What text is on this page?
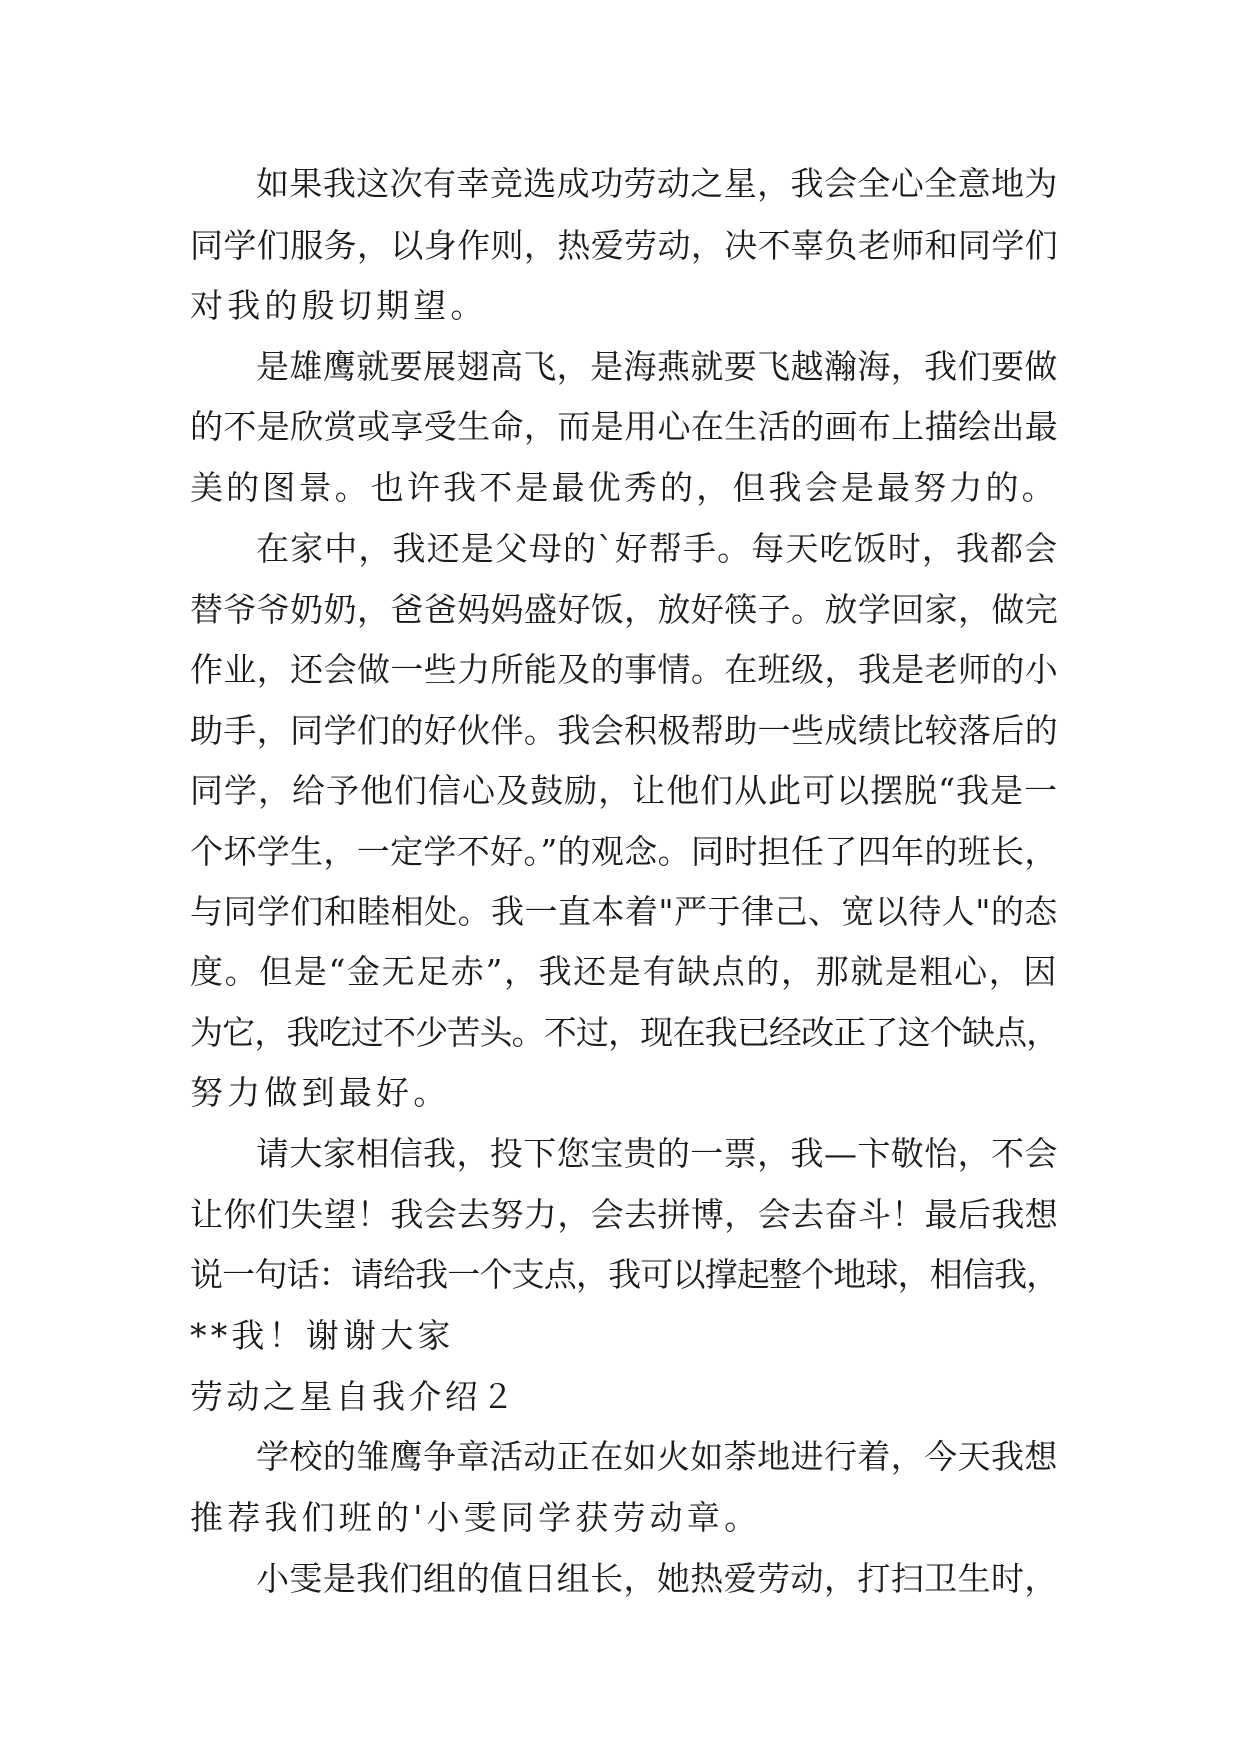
如果我这次有幸竞选成功劳动之星，我会全心全意地为

同学们服务，以身作则，热爱劳动，决不辜负老师和同学们

对我的殷切期望。

是雄鹰就要展翅高飞，是海燕就要飞越瀚海，我们要做

的不是欣赏或享受生命，而是用心在生活的画布上描绘出最

美的图景。也许我不是最优秀的，但我会是最努力的。

在家中，我还是父母的`好帮手。每天吃饭时，我都会

替爷爷奶奶，爸爸妈妈盛好饭，放好筷子。放学回家，做完

作业，还会做一些力所能及的事情。在班级，我是老师的小

助手，同学们的好伙伴。我会积极帮助一些成绩比较落后的

同学，给予他们信心及鼓励，让他们从此可以摆脱“我是一

个坏学生，一定学不好。”的观念。同时担任了四年的班长，

与同学们和睦相处。我一直本着"严于律己、宽以待人"的态

度。但是“金无足赤”，我还是有缺点的，那就是粗心，因

为它，我吃过不少苦头。不过，现在我已经改正了这个缺点，

努力做到最好。

请大家相信我，投下您宝贵的一票，我—卞敬怡，不会

让你们失望！我会去努力，会去拼博，会去奋斗！最后我想

说一句话：请给我一个支点，我可以撑起整个地球，相信我，

**我！谢谢大家

劳动之星自我介绍２

学校的雏鹰争章活动正在如火如荼地进行着，今天我想

推荐我们班的'小雯同学获劳动章。

小雯是我们组的值日组长，她热爱劳动，打扫卫生时，
